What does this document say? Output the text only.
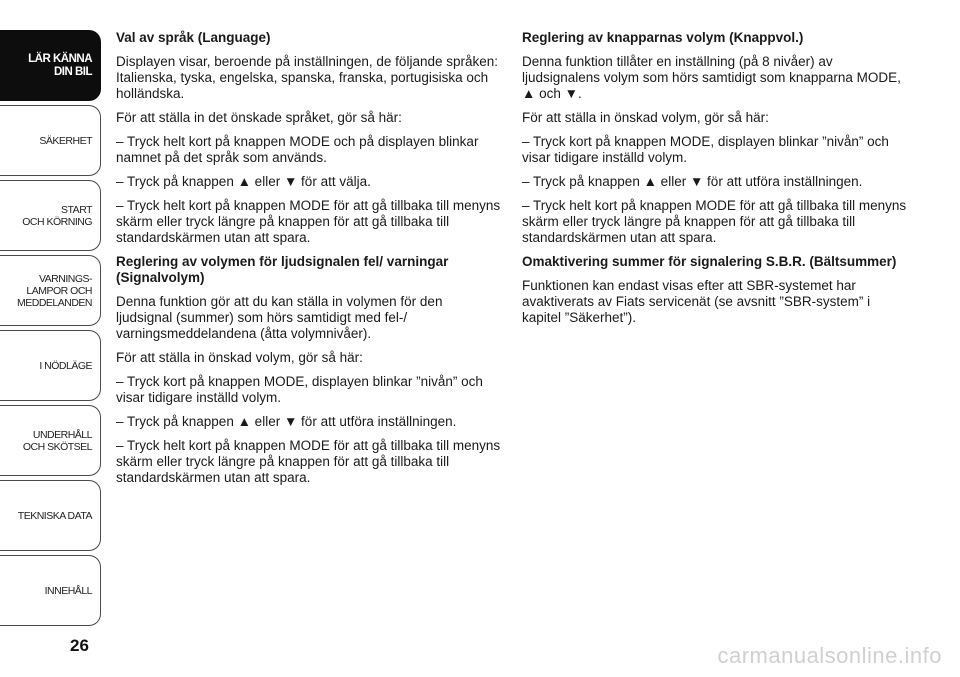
LÄR KÄNNA
DIN BIL
SÄKERHET
START
OCH KÖRNING
VARNINGS-
LAMPOR OCH
MEDDELANDEN
I NÖDLÄGE
UNDERHÅLL
OCH SKÖTSEL
TEKNISKA DATA
INNEHÅLL
26
Val av språk (Language)

Displayen visar, beroende på inställningen, de följande språken: Italienska, tyska, engelska, spanska, franska, portugisiska och holländska.

För att ställa in det önskade språket, gör så här:

– Tryck helt kort på knappen MODE och på displayen blinkar namnet på det språk som används.

– Tryck på knappen ▲ eller ▼ för att välja.

– Tryck helt kort på knappen MODE för att gå tillbaka till menyns skärm eller tryck längre på knappen för att gå tillbaka till standardskärmen utan att spara.

Reglering av volymen för ljudsignalen fel/ varningar (Signalvolym)

Denna funktion gör att du kan ställa in volymen för den ljudsignal (summer) som hörs samtidigt med fel-/ varningsmeddelandena (åtta volymnivåer).

För att ställa in önskad volym, gör så här:

– Tryck kort på knappen MODE, displayen blinkar ”nivån” och visar tidigare inställd volym.

– Tryck på knappen ▲ eller ▼ för att utföra inställningen.

– Tryck helt kort på knappen MODE för att gå tillbaka till menyns skärm eller tryck längre på knappen för att gå tillbaka till standardskärmen utan att spara.

Reglering av knapparnas volym (Knappvol.)

Denna funktion tillåter en inställning (på 8 nivåer) av ljudsignalens volym som hörs samtidigt som knapparna MODE, ▲ och ▼.

För att ställa in önskad volym, gör så här:

– Tryck kort på knappen MODE, displayen blinkar ”nivån” och visar tidigare inställd volym.

– Tryck på knappen ▲ eller ▼ för att utföra inställningen.

– Tryck helt kort på knappen MODE för att gå tillbaka till menyns skärm eller tryck längre på knappen för att gå tillbaka till standardskärmen utan att spara.

Omaktivering summer för signalering S.B.R. (Bältsummer)

Funktionen kan endast visas efter att SBR-systemet har avaktiverats av Fiats servicenät (se avsnitt ”SBR-system” i kapitel ”Säkerhet”).

carmanualsonline.info
